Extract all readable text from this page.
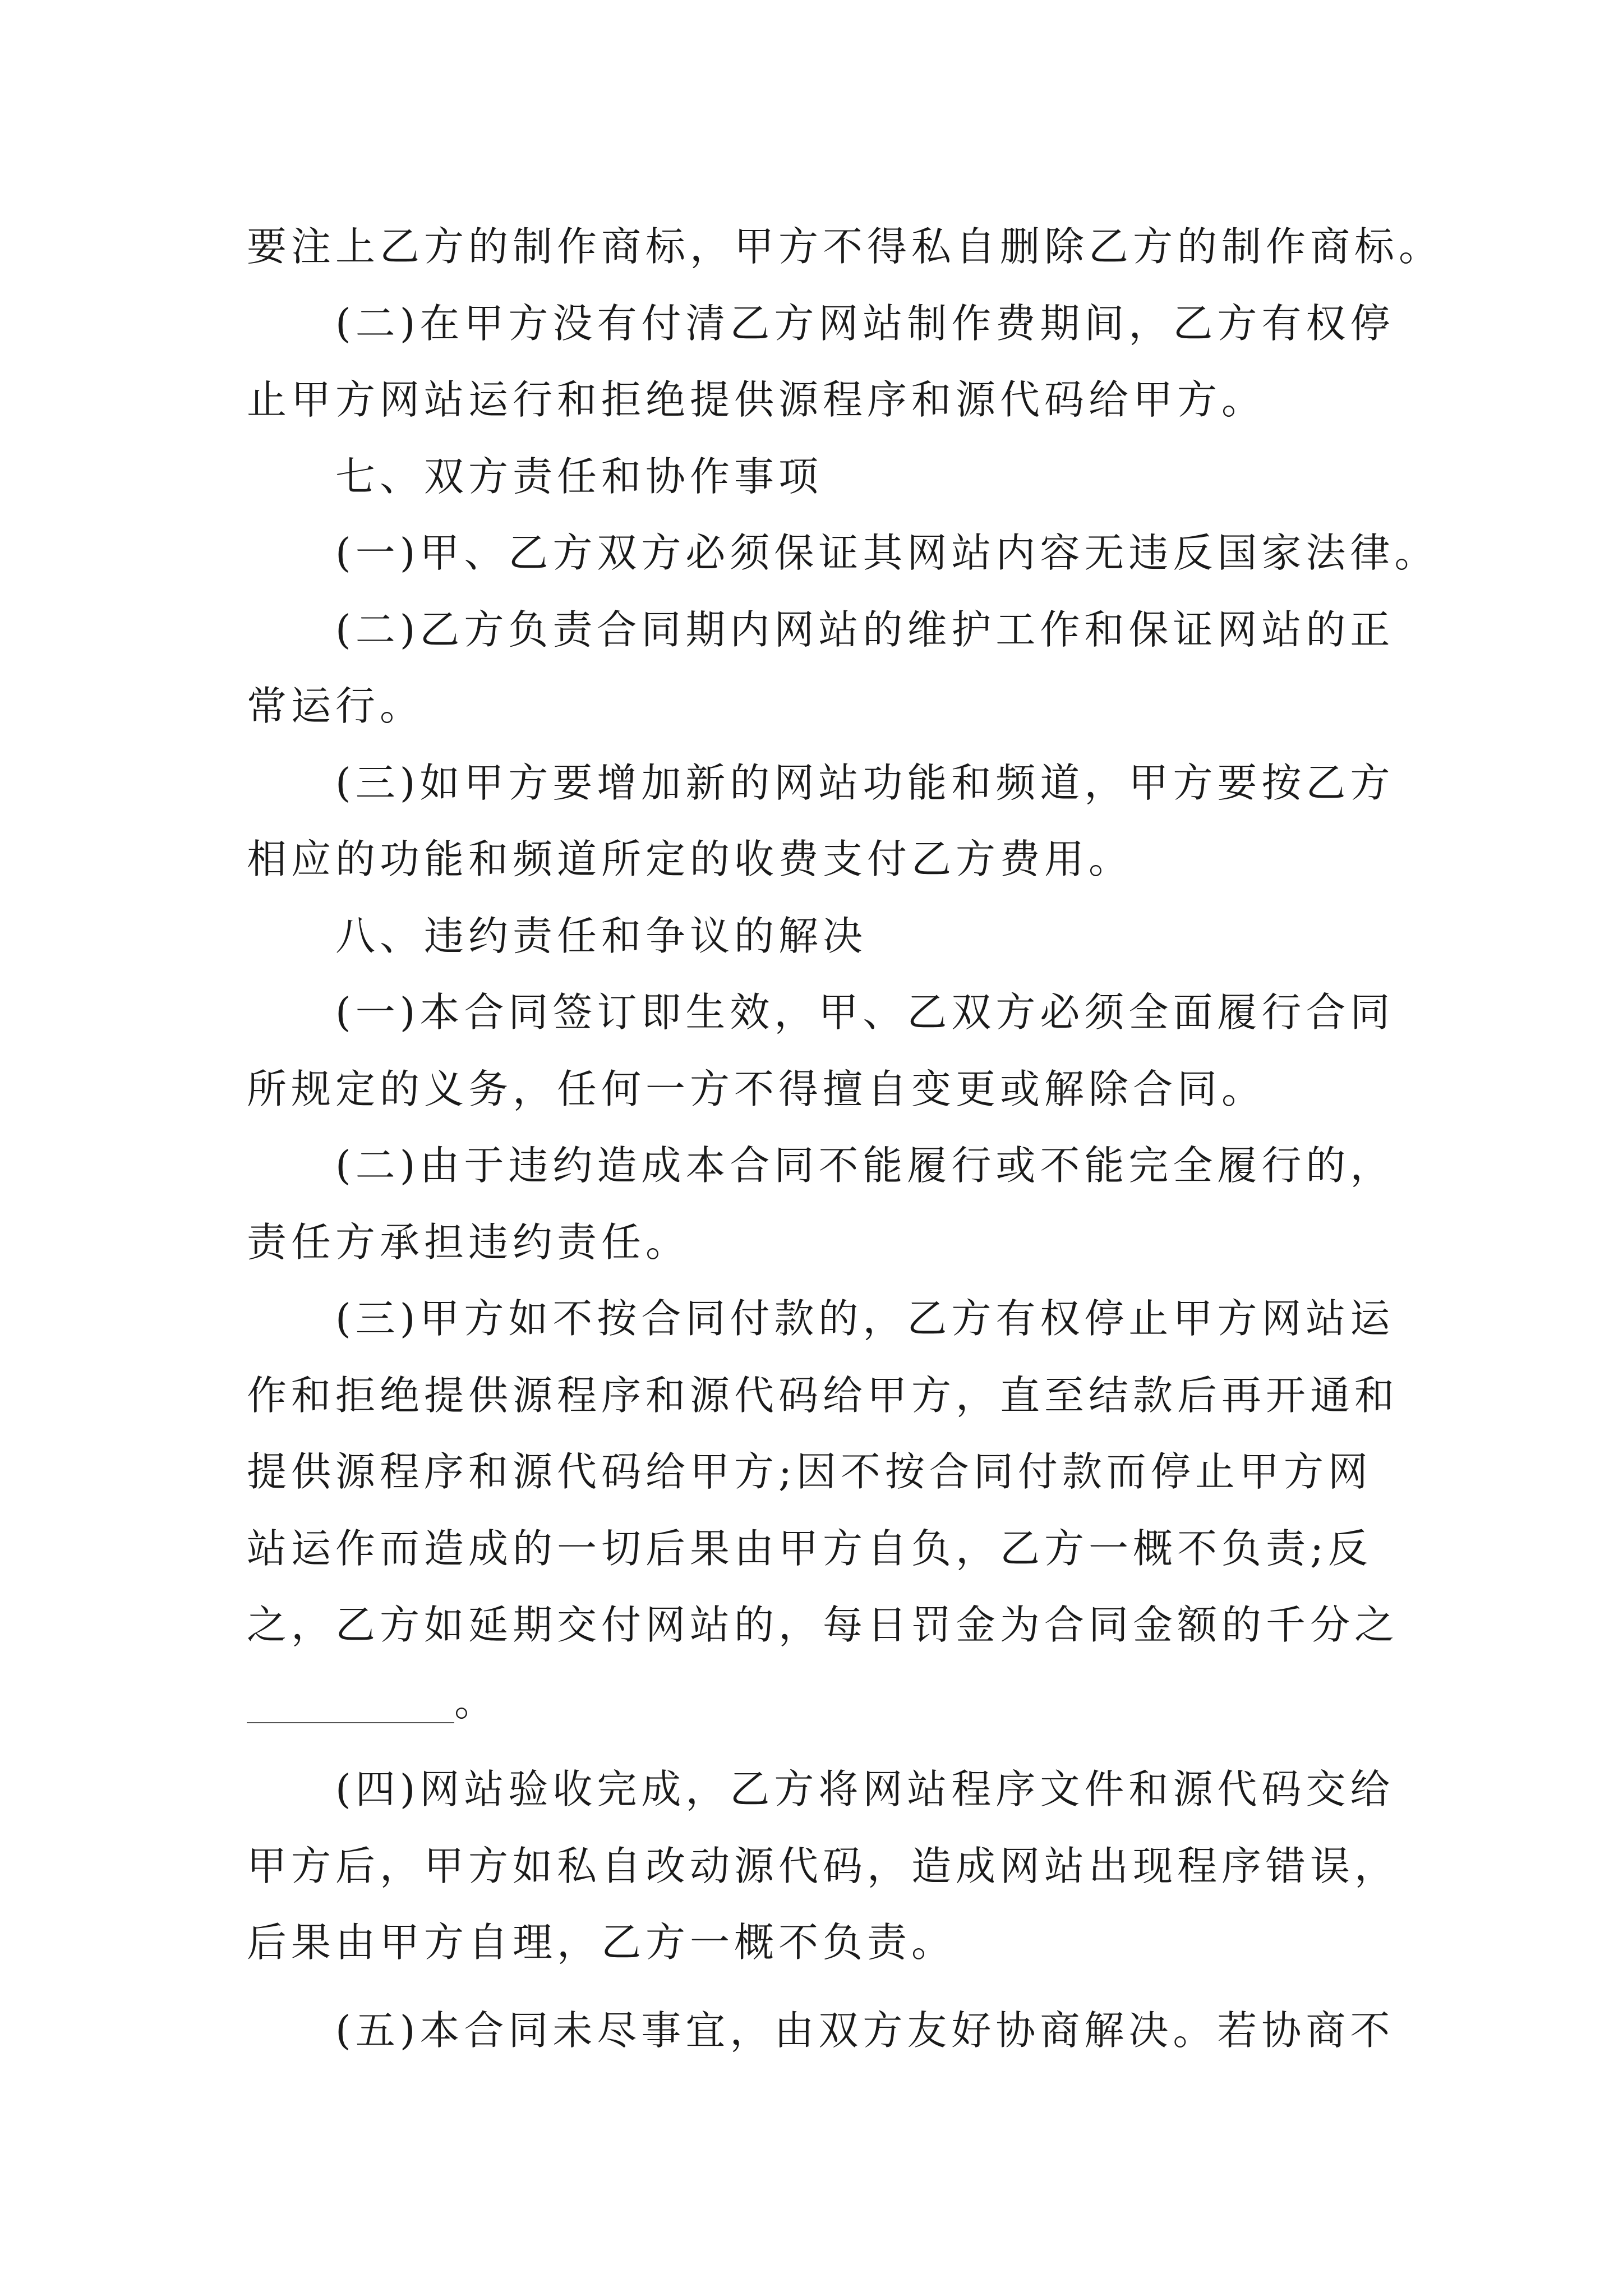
要注上乙方的制作商标，甲方不得私自删除乙方的制作商标。
(二)在甲方没有付清乙方网站制作费期间，乙方有权停
止甲方网站运行和拒绝提供源程序和源代码给甲方。
七、双方责任和协作事项
(一)甲、乙方双方必须保证其网站内容无违反国家法律。
(二)乙方负责合同期内网站的维护工作和保证网站的正
常运行。
(三)如甲方要增加新的网站功能和频道，甲方要按乙方
相应的功能和频道所定的收费支付乙方费用。
八、违约责任和争议的解决
(一)本合同签订即生效，甲、乙双方必须全面履行合同
所规定的义务，任何一方不得擅自变更或解除合同。
(二)由于违约造成本合同不能履行或不能完全履行的，
责任方承担违约责任。
(三)甲方如不按合同付款的，乙方有权停止甲方网站运
作和拒绝提供源程序和源代码给甲方，直至结款后再开通和
提供源程序和源代码给甲方;因不按合同付款而停止甲方网
站运作而造成的一切后果由甲方自负，乙方一概不负责;反
之，乙方如延期交付网站的，每日罚金为合同金额的千分之
。
(四)网站验收完成，乙方将网站程序文件和源代码交给
甲方后，甲方如私自改动源代码，造成网站出现程序错误，
后果由甲方自理，乙方一概不负责。
(五)本合同未尽事宜，由双方友好协商解决。若协商不
